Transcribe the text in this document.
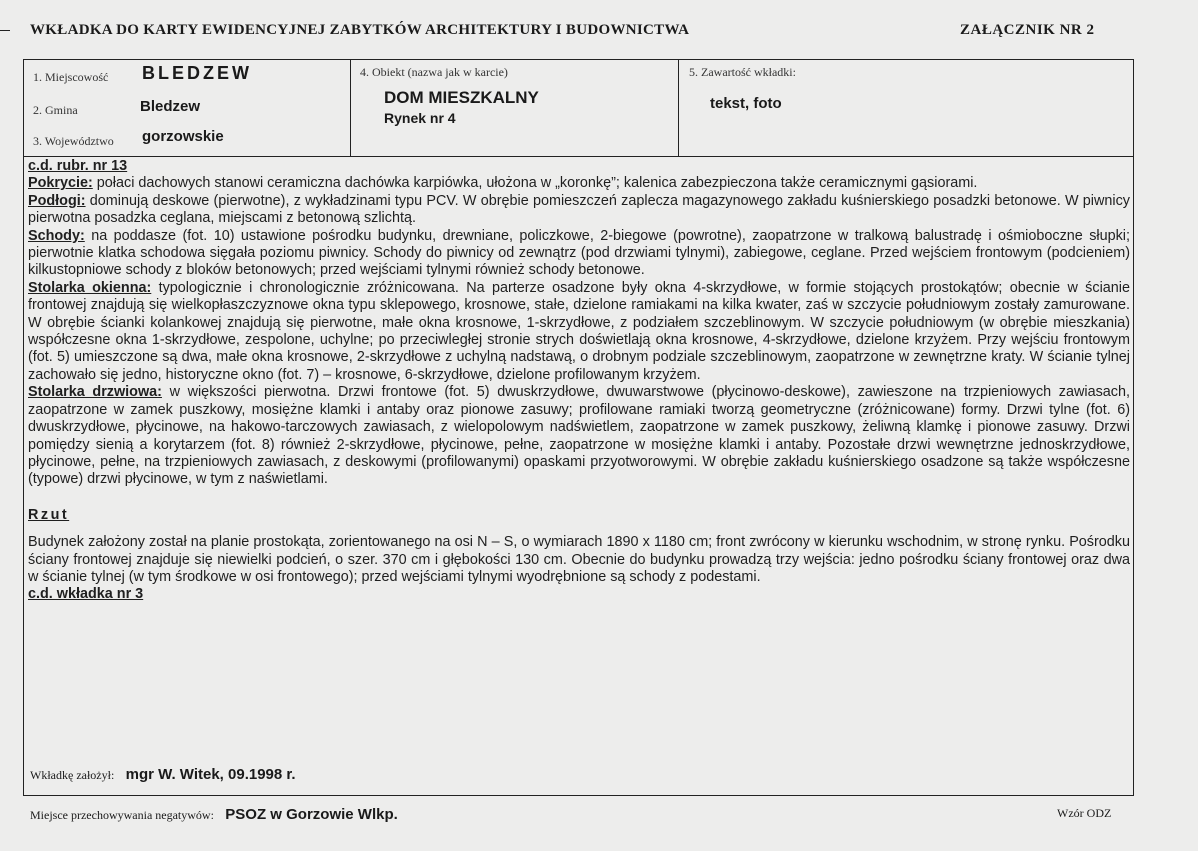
WKŁADKA DO KARTY EWIDENCYJNEJ ZABYTKÓW ARCHITEKTURY I BUDOWNICTWA	ZAŁĄCZNIK NR 2
1. Miejscowość BLEDZEW
2. Gmina	Bledzew
3. Województwo gorzowskie
4. Obiekt (nazwa jak w karcie)
DOM MIESZKALNY
Rynek nr 4
5. Zawartość wkładki:
tekst, foto

c.d. rubr. nr 13

Pokrycie: połaci dachowych stanowi ceramiczna dachówka karpiówka, ułożona w „koronkę”; kalenica zabezpieczona także ceramicznymi gąsiorami.

Podłogi: dominują deskowe (pierwotne), z wykładzinami typu PCV. W obrębie pomieszczeń zaplecza magazynowego zakładu kuśnierskiego posadzki betonowe. W piwnicy pierwotna posadzka ceglana, miejscami z betonową szlichtą.

Schody: na poddasze (fot. 10) ustawione pośrodku budynku, drewniane, policzkowe, 2-biegowe (powrotne), zaopatrzone w tralkową balustradę i ośmioboczne słupki; pierwotnie klatka schodowa sięgała poziomu piwnicy. Schody do piwnicy od zewnątrz (pod drzwiami tylnymi), zabiegowe, ceglane. Przed wejściem frontowym (podcieniem) kilkustopniowe schody z bloków betonowych; przed wejściami tylnymi również schody betonowe.

Stolarka okienna: typologicznie i chronologicznie zróżnicowana. Na parterze osadzone były okna 4-skrzydłowe, w formie stojących prostokątów; obecnie w ścianie frontowej znajdują się wielkopłaszczyznowe okna typu sklepowego, krosnowe, stałe, dzielone ramiakami na kilka kwater, zaś w szczycie południowym zostały zamurowane. W obrębie ścianki kolankowej znajdują się pierwotne, małe okna krosnowe, 1-skrzydłowe, z podziałem szczeblinowym. W szczycie południowym (w obrębie mieszkania) współczesne okna 1-skrzydłowe, zespolone, uchylne; po przeciwległej stronie strych doświetlają okna krosnowe, 4-skrzydłowe, dzielone krzyżem. Przy wejściu frontowym (fot. 5) umieszczone są dwa, małe okna krosnowe, 2-skrzydłowe z uchylną nadstawą, o drobnym podziale szczeblinowym, zaopatrzone w zewnętrzne kraty. W ścianie tylnej zachowało się jedno, historyczne okno (fot. 7) – krosnowe, 6-skrzydłowe, dzielone profilowanym krzyżem.

Stolarka drzwiowa: w większości pierwotna. Drzwi frontowe (fot. 5) dwuskrzydłowe, dwuwarstwowe (płycinowo-deskowe), zawieszone na trzpieniowych zawiasach, zaopatrzone w zamek puszkowy, mosiężne klamki i antaby oraz pionowe zasuwy; profilowane ramiaki tworzą geometryczne (zróżnicowane) formy. Drzwi tylne (fot. 6) dwuskrzydłowe, płycinowe, na hakowo-tarczowych zawiasach, z wielopolowym nadświetlem, zaopatrzone w zamek puszkowy, żeliwną klamkę i pionowe zasuwy. Drzwi pomiędzy sienią a korytarzem (fot. 8) również 2-skrzydłowe, płycinowe, pełne, zaopatrzone w mosiężne klamki i antaby. Pozostałe drzwi wewnętrzne jednoskrzydłowe, płycinowe, pełne, na trzpieniowych zawiasach, z deskowymi (profilowanymi) opaskami przyotworowymi. W obrębie zakładu kuśnierskiego osadzone są także współczesne (typowe) drzwi płycinowe, w tym z naświetlami.

Rzut

Budynek założony został na planie prostokąta, zorientowanego na osi N – S, o wymiarach 1890 x 1180 cm; front zwrócony w kierunku wschodnim, w stronę rynku. Pośrodku ściany frontowej znajduje się niewielki podcień, o szer. 370 cm i głębokości 130 cm. Obecnie do budynku prowadzą trzy wejścia: jedno pośrodku ściany frontowej oraz dwa w ścianie tylnej (w tym środkowe w osi frontowego); przed wejściami tylnymi wyodrębnione są schody z podestami.

c.d. wkładka nr 3

Wkładkę założył: mgr W. Witek, 09.1998 r.
Miejsce przechowywania negatywów: PSOZ w Gorzowie Wlkp.	Wzór ODZ
